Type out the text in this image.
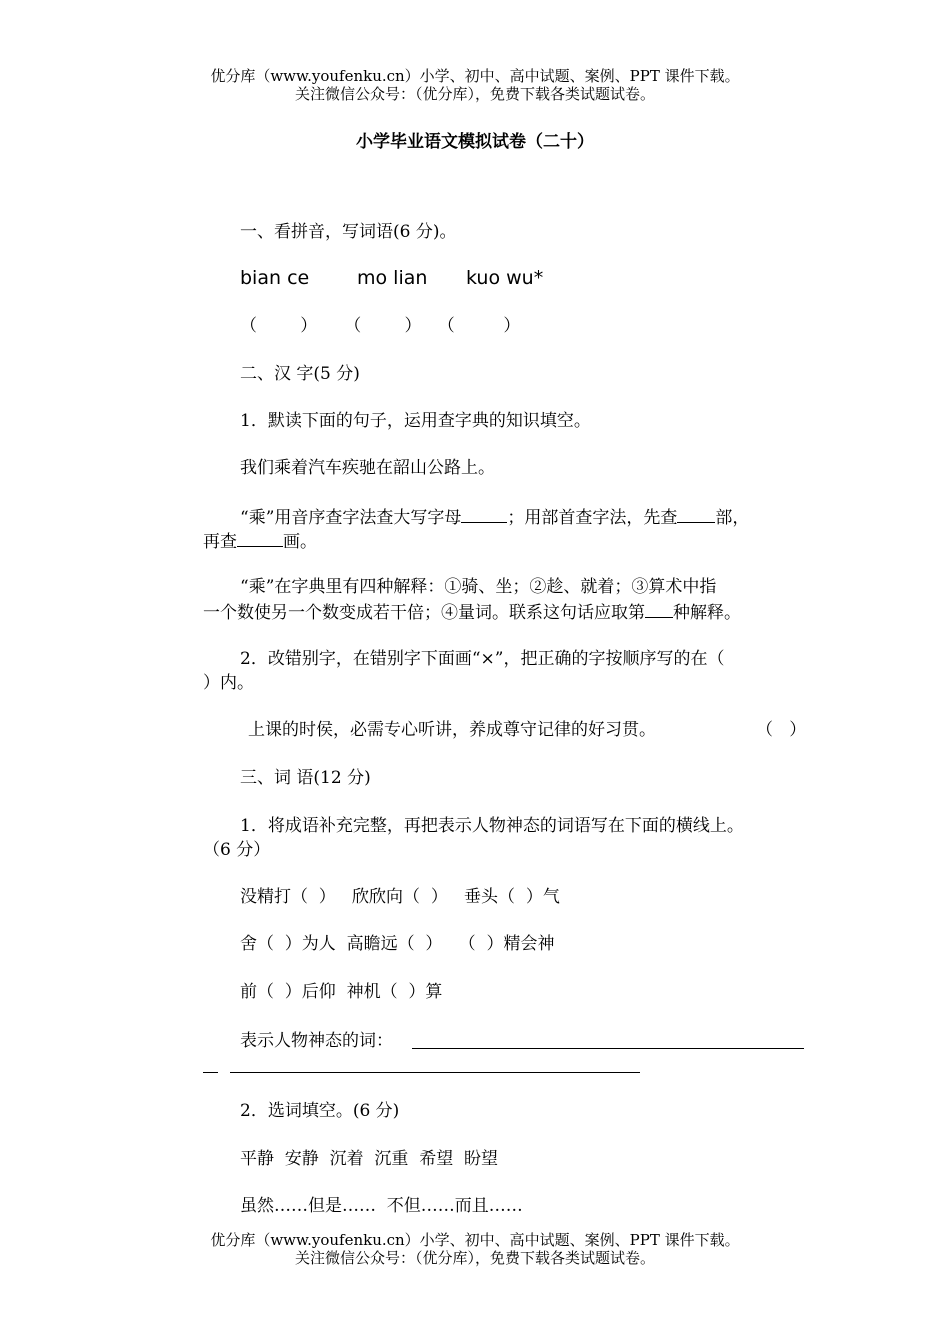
优分库（www.youfenku.cn）小学、初中、高中试题、案例、PPT 课件下载。
关注微信公众号：（优分库），免费下载各类试题试卷。
小学毕业语文模拟试卷（二十）
一、看拼音，写词语(6 分)。
bian ce	mo lian kuo wu*
（        ）     （        ）   （         ）
二、汉 字(5 分)
1．默读下面的句子，运用查字典的知识填空。
我们乘着汽车疾驰在韶山公路上。
“乘”用音序查字法查大写字母	；用部首查字法，先查 部，
再查	画。
“乘”在字典里有四种解释：①骑、坐；②趁、就着；③算术中指
一个数使另一个数变成若干倍；④量词。联系这句话应取第 种解释。
2．改错别字，在错别字下面画“×”，把正确的字按顺序写的在（
）内。
上课的时侯，必需专心听讲，养成尊守记律的好习贯。	（   ）
三、词 语(12 分)
1．将成语补充完整，再把表示人物神态的词语写在下面的横线上。
（6 分）
没精打（  ）   欣欣向（  ）   垂头（  ）气
舍（  ）为人  高瞻远（  ）   （  ）精会神
前（  ）后仰  神机（  ）算
表示人物神态的词：
2．选词填空。(6 分)
平静  安静  沉着  沉重  希望  盼望
虽然……但是……  不但……而且……
优分库（www.youfenku.cn）小学、初中、高中试题、案例、PPT 课件下载。
关注微信公众号：（优分库），免费下载各类试题试卷。
